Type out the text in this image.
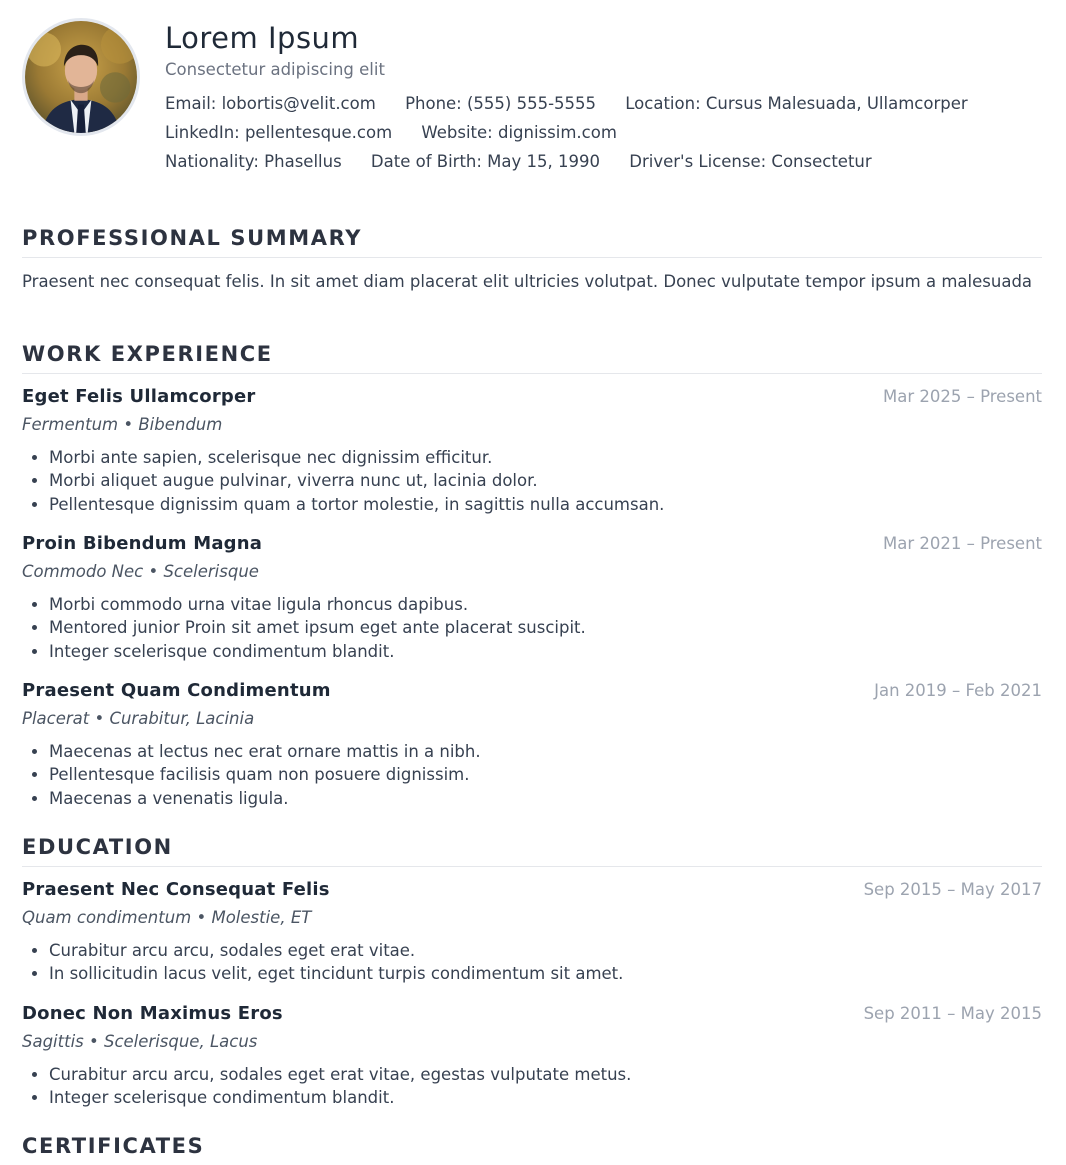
Lorem Ipsum
Consectetur adipiscing elit
Email: lobortis@velit.com Phone: (555) 555-5555 Location: Cursus Malesuada, Ullamcorper
LinkedIn: pellentesque.com Website: dignissim.com
Nationality: Phasellus Date of Birth: May 15, 1990 Driver's License: Consectetur
PROFESSIONAL SUMMARY
Praesent nec consequat felis. In sit amet diam placerat elit ultricies volutpat. Donec vulputate tempor ipsum a malesuada
WORK EXPERIENCE
Eget Felis Ullamcorper	Mar 2025 – Present
Fermentum • Bibendum
Morbi ante sapien, scelerisque nec dignissim efficitur.
Morbi aliquet augue pulvinar, viverra nunc ut, lacinia dolor.
Pellentesque dignissim quam a tortor molestie, in sagittis nulla accumsan.
Proin Bibendum Magna	Mar 2021 – Present
Commodo Nec • Scelerisque
Morbi commodo urna vitae ligula rhoncus dapibus.
Mentored junior Proin sit amet ipsum eget ante placerat suscipit.
Integer scelerisque condimentum blandit.
Praesent Quam Condimentum	Jan 2019 – Feb 2021
Placerat • Curabitur, Lacinia
Maecenas at lectus nec erat ornare mattis in a nibh.
Pellentesque facilisis quam non posuere dignissim.
Maecenas a venenatis ligula.
EDUCATION
Praesent Nec Consequat Felis	Sep 2015 – May 2017
Quam condimentum • Molestie, ET
Curabitur arcu arcu, sodales eget erat vitae.
In sollicitudin lacus velit, eget tincidunt turpis condimentum sit amet.
Donec Non Maximus Eros	Sep 2011 – May 2015
Sagittis • Scelerisque, Lacus
Curabitur arcu arcu, sodales eget erat vitae, egestas vulputate metus.
Integer scelerisque condimentum blandit.
CERTIFICATES
